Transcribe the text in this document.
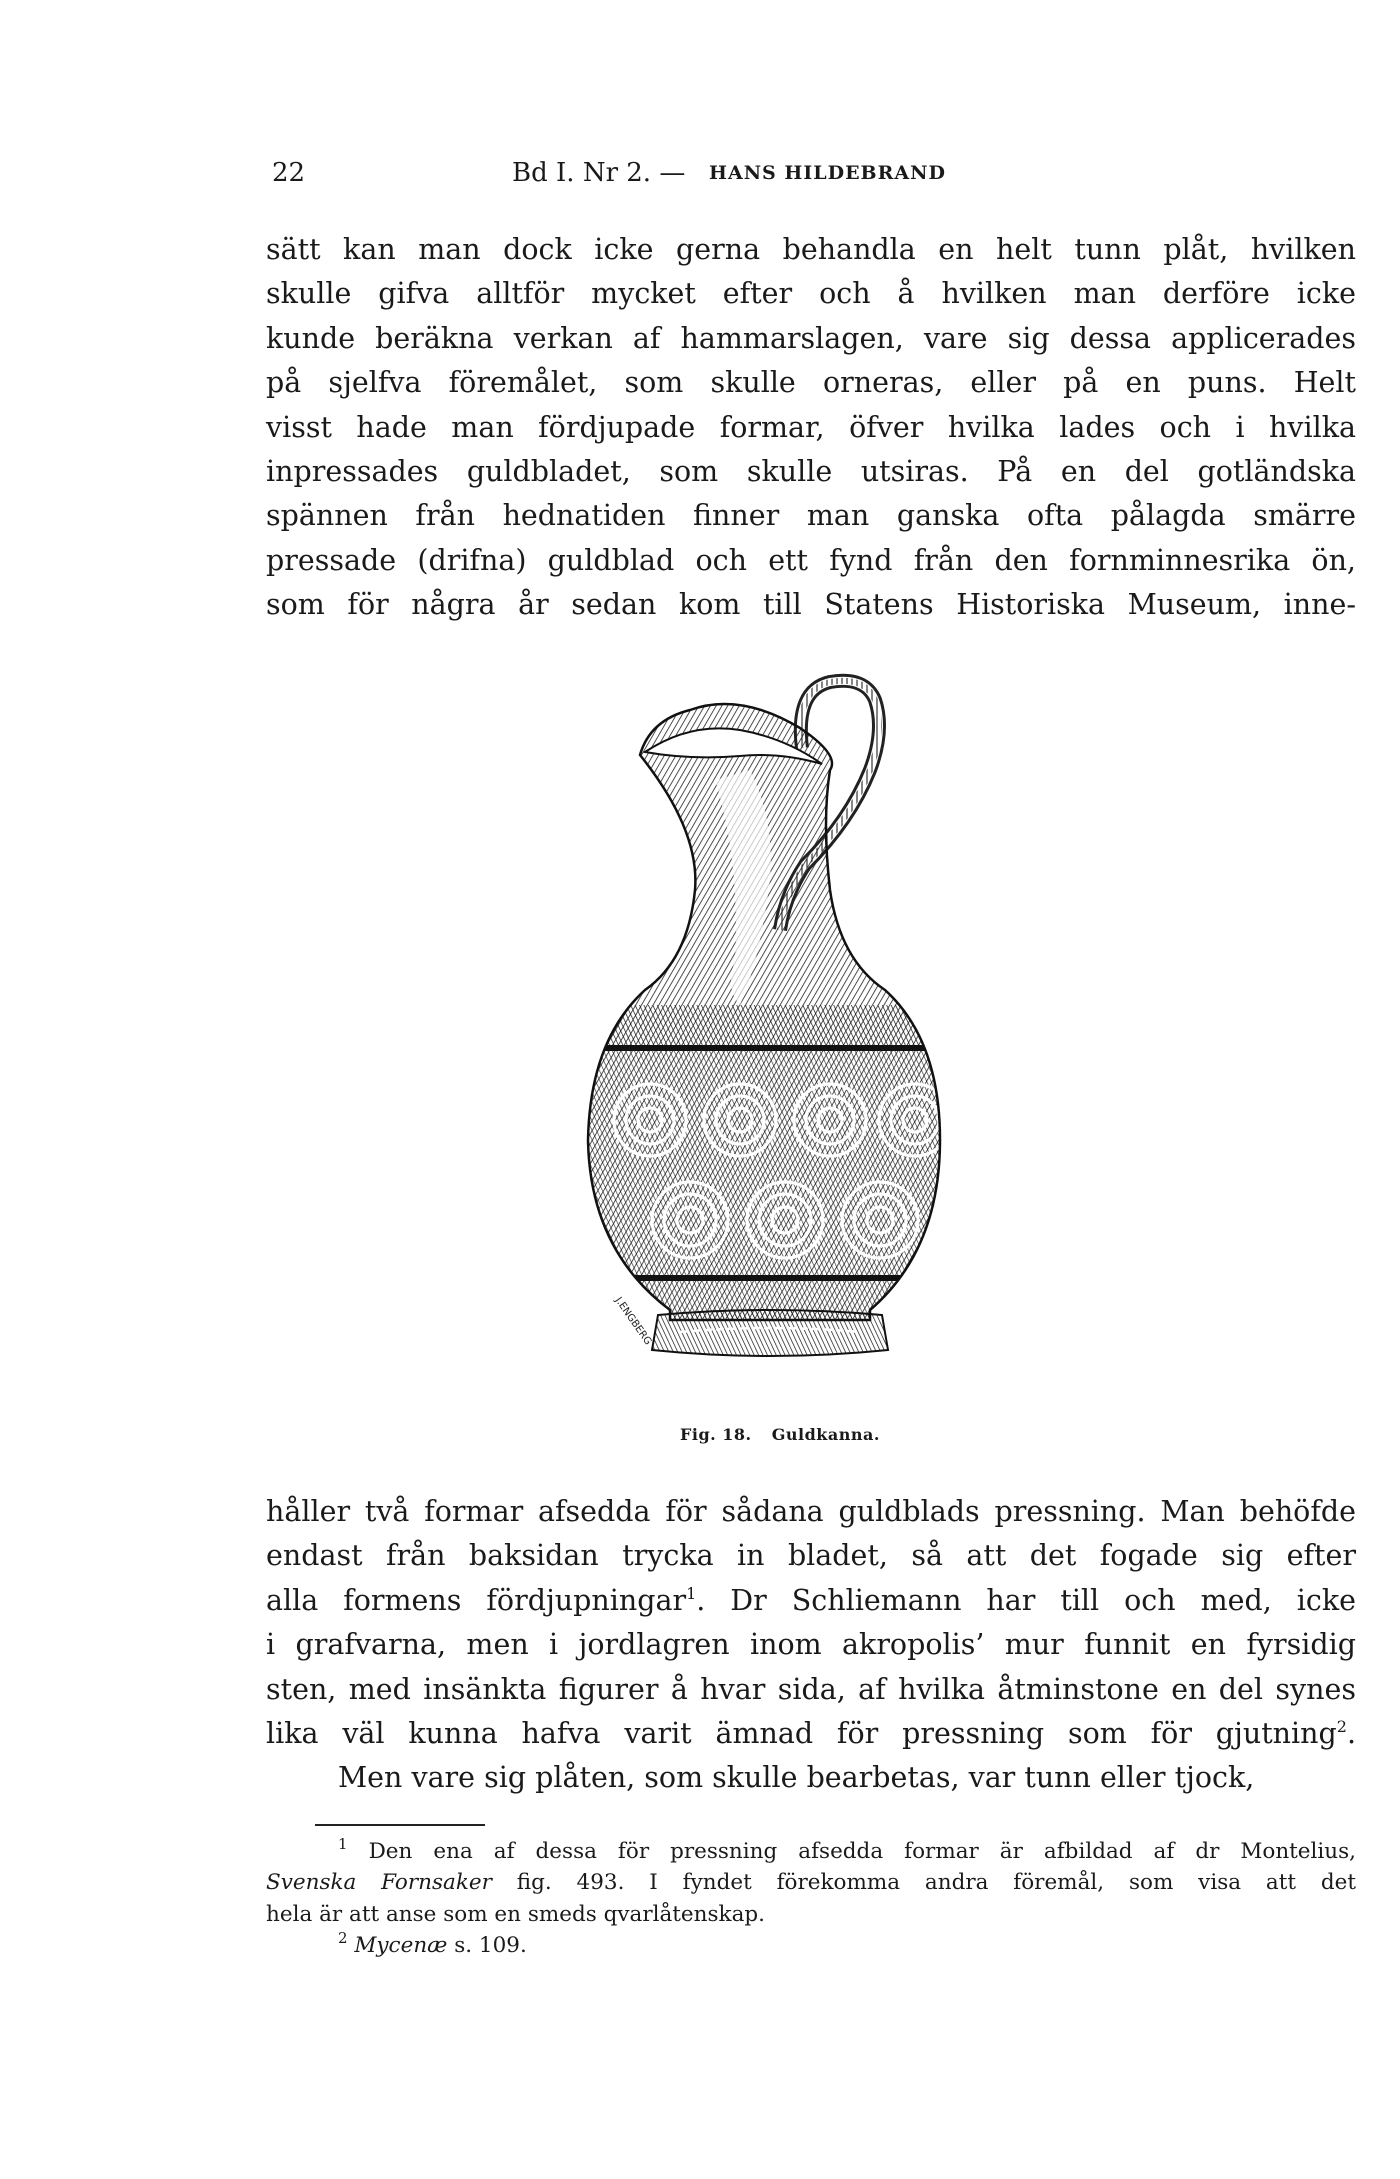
22	Bd I. Nr 2. — HANS HILDEBRAND
sätt kan man dock icke gerna behandla en helt tunn plåt, hvilken
skulle gifva alltför mycket efter och å hvilken man derföre icke
kunde beräkna verkan af hammarslagen, vare sig dessa applicerades
på sjelfva föremålet, som skulle orneras, eller på en puns. Helt
visst hade man fördjupade formar, öfver hvilka lades och i hvilka
inpressades guldbladet, som skulle utsiras. På en del gotländska
spännen från hednatiden finner man ganska ofta pålagda smärre
pressade (drifna) guldblad och ett fynd från den fornminnesrika ön,
som för några år sedan kom till Statens Historiska Museum, inne-
J.ENGBERG
Fig. 18. Guldkanna.
håller två formar afsedda för sådana guldblads pressning. Man behöfde
endast från baksidan trycka in bladet, så att det fogade sig efter
alla formens fördjupningar$^1$. Dr Schliemann har till och med, icke
i grafvarna, men i jordlagren inom akropolis’ mur funnit en fyrsidig
sten, med insänkta figurer å hvar sida, af hvilka åtminstone en del synes
lika väl kunna hafva varit ämnad för pressning som för gjutning$^2$.
Men vare sig plåten, som skulle bearbetas, var tunn eller tjock,
$^1$ Den ena af dessa för pressning afsedda formar är afbildad af dr Montelius,
Svenska Fornsaker fig. 493. I fyndet förekomma andra föremål, som visa att det
hela är att anse som en smeds qvarlåtenskap.
$^2$ Mycenæ s. 109.
